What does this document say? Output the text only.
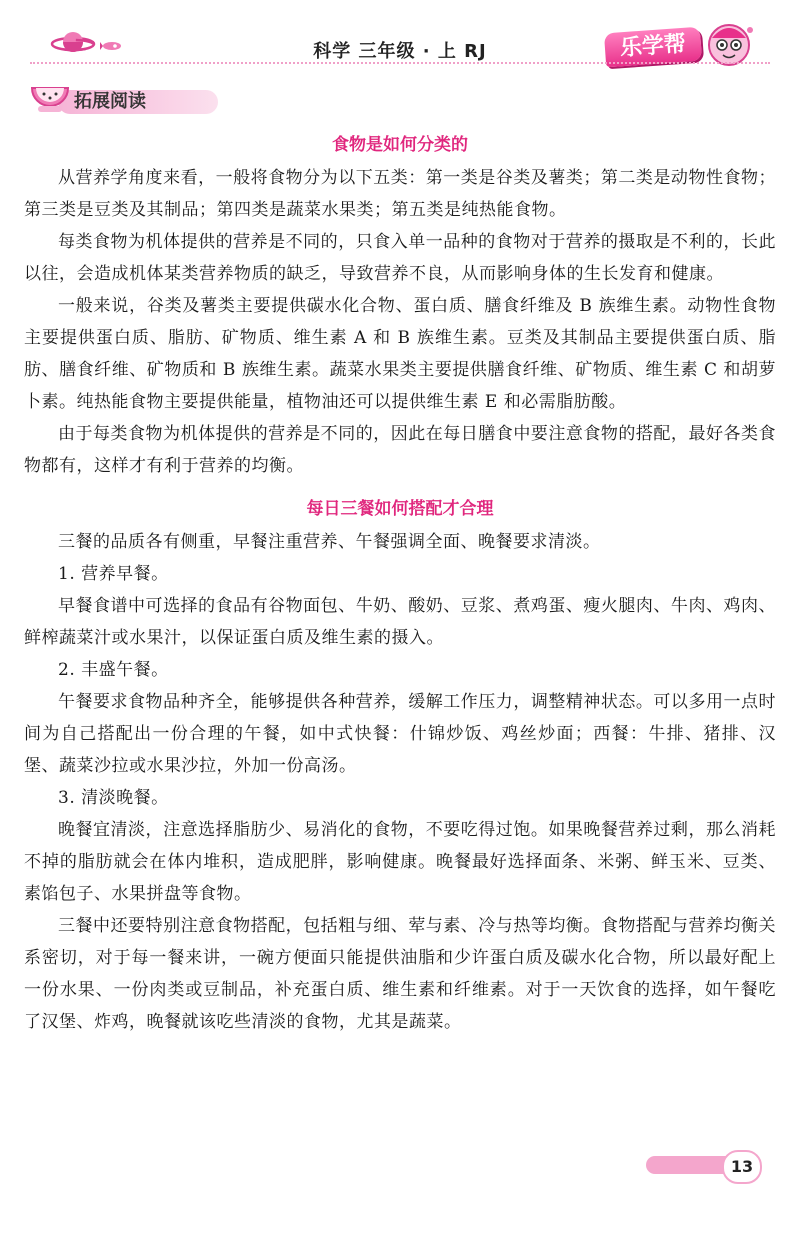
科学 三年级 · 上 RJ	乐学帮
拓展阅读
食物是如何分类的

从营养学角度来看，一般将食物分为以下五类：第一类是谷类及薯类；第二类是动物性食物；第三类是豆类及其制品；第四类是蔬菜水果类；第五类是纯热能食物。

每类食物为机体提供的营养是不同的，只食入单一品种的食物对于营养的摄取是不利的，长此以往，会造成机体某类营养物质的缺乏，导致营养不良，从而影响身体的生长发育和健康。

一般来说，谷类及薯类主要提供碳水化合物、蛋白质、膳食纤维及 B 族维生素。动物性食物主要提供蛋白质、脂肪、矿物质、维生素 A 和 B 族维生素。豆类及其制品主要提供蛋白质、脂肪、膳食纤维、矿物质和 B 族维生素。蔬菜水果类主要提供膳食纤维、矿物质、维生素 C 和胡萝卜素。纯热能食物主要提供能量，植物油还可以提供维生素 E 和必需脂肪酸。

由于每类食物为机体提供的营养是不同的，因此在每日膳食中要注意食物的搭配，最好各类食物都有，这样才有利于营养的均衡。

每日三餐如何搭配才合理

三餐的品质各有侧重，早餐注重营养、午餐强调全面、晚餐要求清淡。

1. 营养早餐。

早餐食谱中可选择的食品有谷物面包、牛奶、酸奶、豆浆、煮鸡蛋、瘦火腿肉、牛肉、鸡肉、鲜榨蔬菜汁或水果汁，以保证蛋白质及维生素的摄入。

2. 丰盛午餐。

午餐要求食物品种齐全，能够提供各种营养，缓解工作压力，调整精神状态。可以多用一点时间为自己搭配出一份合理的午餐，如中式快餐：什锦炒饭、鸡丝炒面；西餐：牛排、猪排、汉堡、蔬菜沙拉或水果沙拉，外加一份高汤。

3. 清淡晚餐。

晚餐宜清淡，注意选择脂肪少、易消化的食物，不要吃得过饱。如果晚餐营养过剩，那么消耗不掉的脂肪就会在体内堆积，造成肥胖，影响健康。晚餐最好选择面条、米粥、鲜玉米、豆类、素馅包子、水果拼盘等食物。

三餐中还要特别注意食物搭配，包括粗与细、荤与素、冷与热等均衡。食物搭配与营养均衡关系密切，对于每一餐来讲，一碗方便面只能提供油脂和少许蛋白质及碳水化合物，所以最好配上一份水果、一份肉类或豆制品，补充蛋白质、维生素和纤维素。对于一天饮食的选择，如午餐吃了汉堡、炸鸡，晚餐就该吃些清淡的食物，尤其是蔬菜。

13
